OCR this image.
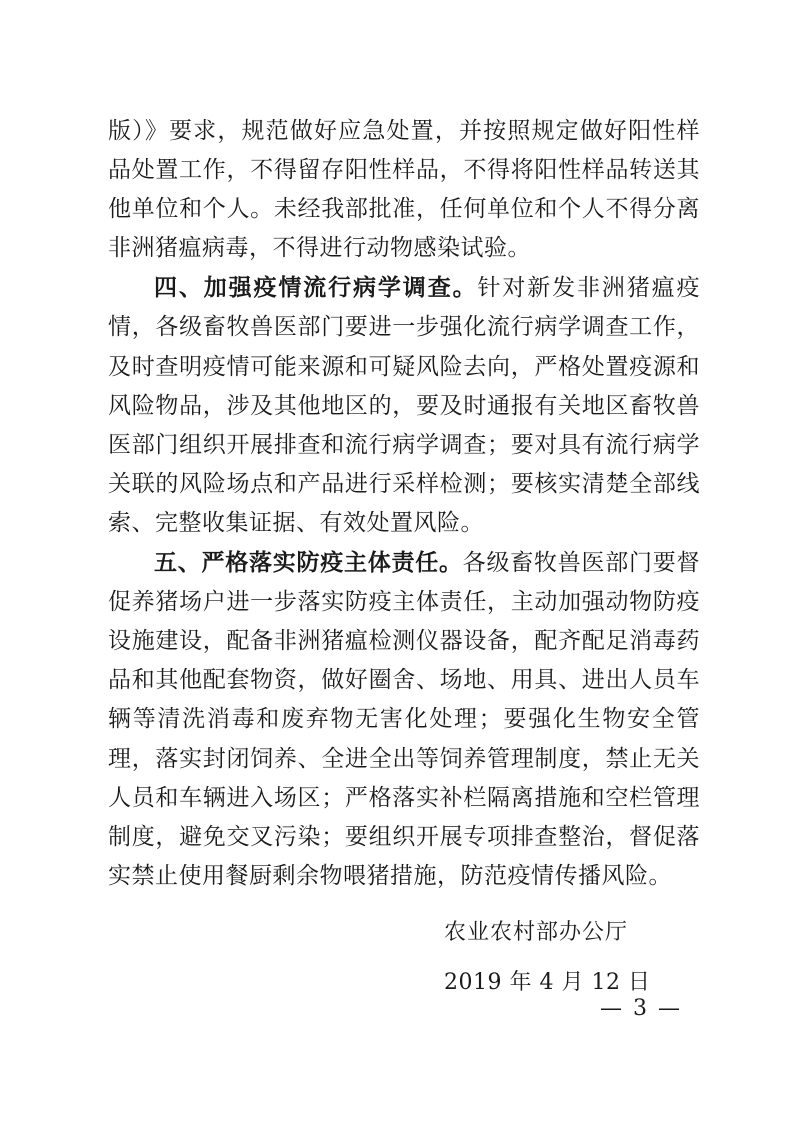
版）》要求，规范做好应急处置，并按照规定做好阳性样品处置工作，不得留存阳性样品，不得将阳性样品转送其他单位和个人。未经我部批准，任何单位和个人不得分离非洲猪瘟病毒，不得进行动物感染试验。

四、加强疫情流行病学调查。针对新发非洲猪瘟疫情，各级畜牧兽医部门要进一步强化流行病学调查工作，及时查明疫情可能来源和可疑风险去向，严格处置疫源和风险物品，涉及其他地区的，要及时通报有关地区畜牧兽医部门组织开展排查和流行病学调查；要对具有流行病学关联的风险场点和产品进行采样检测；要核实清楚全部线索、完整收集证据、有效处置风险。

五、严格落实防疫主体责任。各级畜牧兽医部门要督促养猪场户进一步落实防疫主体责任，主动加强动物防疫设施建设，配备非洲猪瘟检测仪器设备，配齐配足消毒药品和其他配套物资，做好圈舍、场地、用具、进出人员车辆等清洗消毒和废弃物无害化处理；要强化生物安全管理，落实封闭饲养、全进全出等饲养管理制度，禁止无关人员和车辆进入场区；严格落实补栏隔离措施和空栏管理制度，避免交叉污染；要组织开展专项排查整治，督促落实禁止使用餐厨剩余物喂猪措施，防范疫情传播风险。

农业农村部办公厅
2019 年 4 月 12 日
— 3 —
